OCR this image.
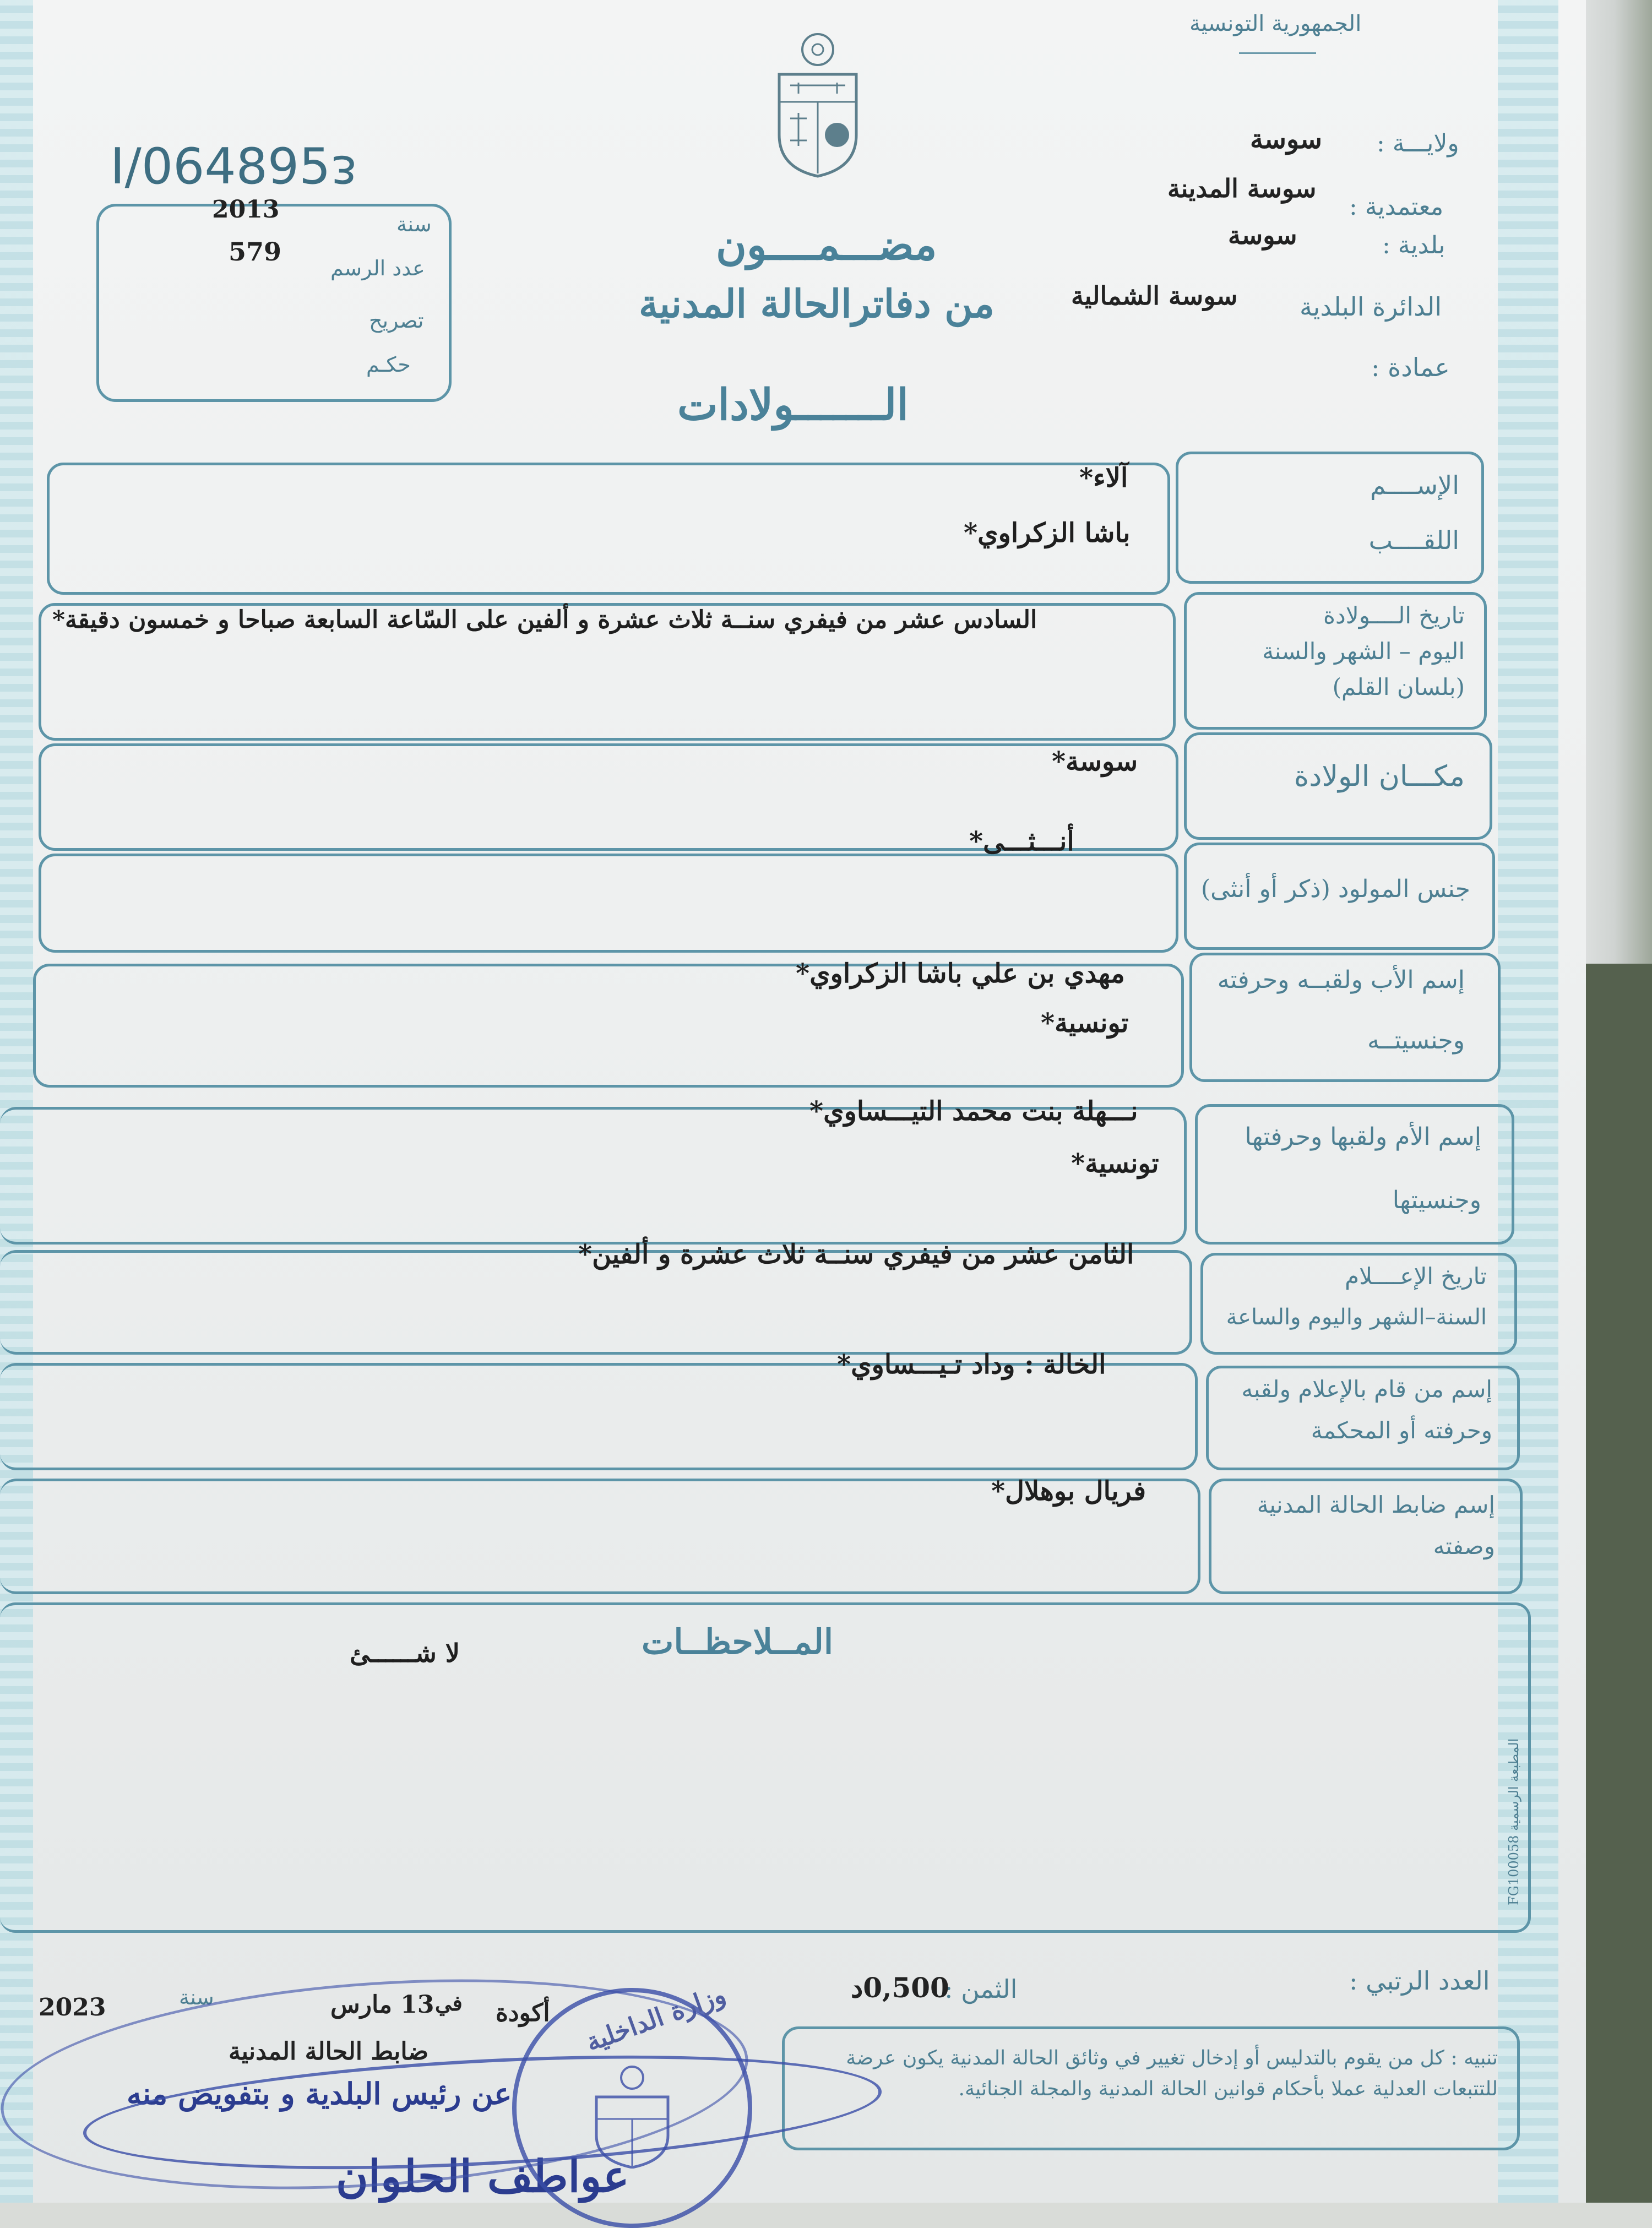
الجمهورية التونسية
ولايـــة :
سوسة
معتمدية :
سوسة المدينة
بلدية :
سوسة
الدائرة البلدية
سوسة الشمالية
عمادة :
I/064895ᴈ
سنة
2013
عدد الرسم
579
تصريح
حكـم
مضـــمــــون
من دفاترالحالة المدنية
الـــــــولادات
الإســــم
اللقــــب
آلاء*
باشا الزكراوي*
تاريخ الــــولادة
اليوم – الشهر والسنة
(بلسان القلم)
السادس عشر من فيفري سنــة ثلاث عشرة و ألفين على السّاعة السابعة صباحا و خمسون دقيقة*
مكـــان الولادة
سوسة*
جنس المولود (ذكر أو أنثى)
أنـــثـــى*
إسم الأب ولقبــه وحرفته
وجنسيتــه
مهدي بن علي باشا الزكراوي*
تونسية*
إسم الأم ولقبها وحرفتها
وجنسيتها
نـــهلة بنت محمد التيـــساوي*
تونسية*
تاريخ الإعــــلام
السنة–الشهر واليوم والساعة
الثامن عشر من فيفري سنــة ثلاث عشرة و ألفين*
إسم من قام بالإعلام ولقبه
وحرفته أو المحكمة
الخالة : وداد تـيـــساوي*
إسم ضابط الحالة المدنية
وصفته
فريال بوهلال*
المــلاحظــات
لا شــــــئ
المطبعة الرسمية FG100058
العدد الرتبي :
الثمن :
0,500د
تنبيه : كل من يقوم بالتدليس أو إدخال تغيير في وثائق الحالة المدنية يكون عرضة للتتبعات العدلية عملا بأحكام قوانين الحالة المدنية والمجلة الجنائية.
سنة
2023	13 مارس في أكودة
ضابط الحالة المدنية
عن رئيس البلدية و بتفويض منه
عواطف الحلوان
وزارة الداخلية
